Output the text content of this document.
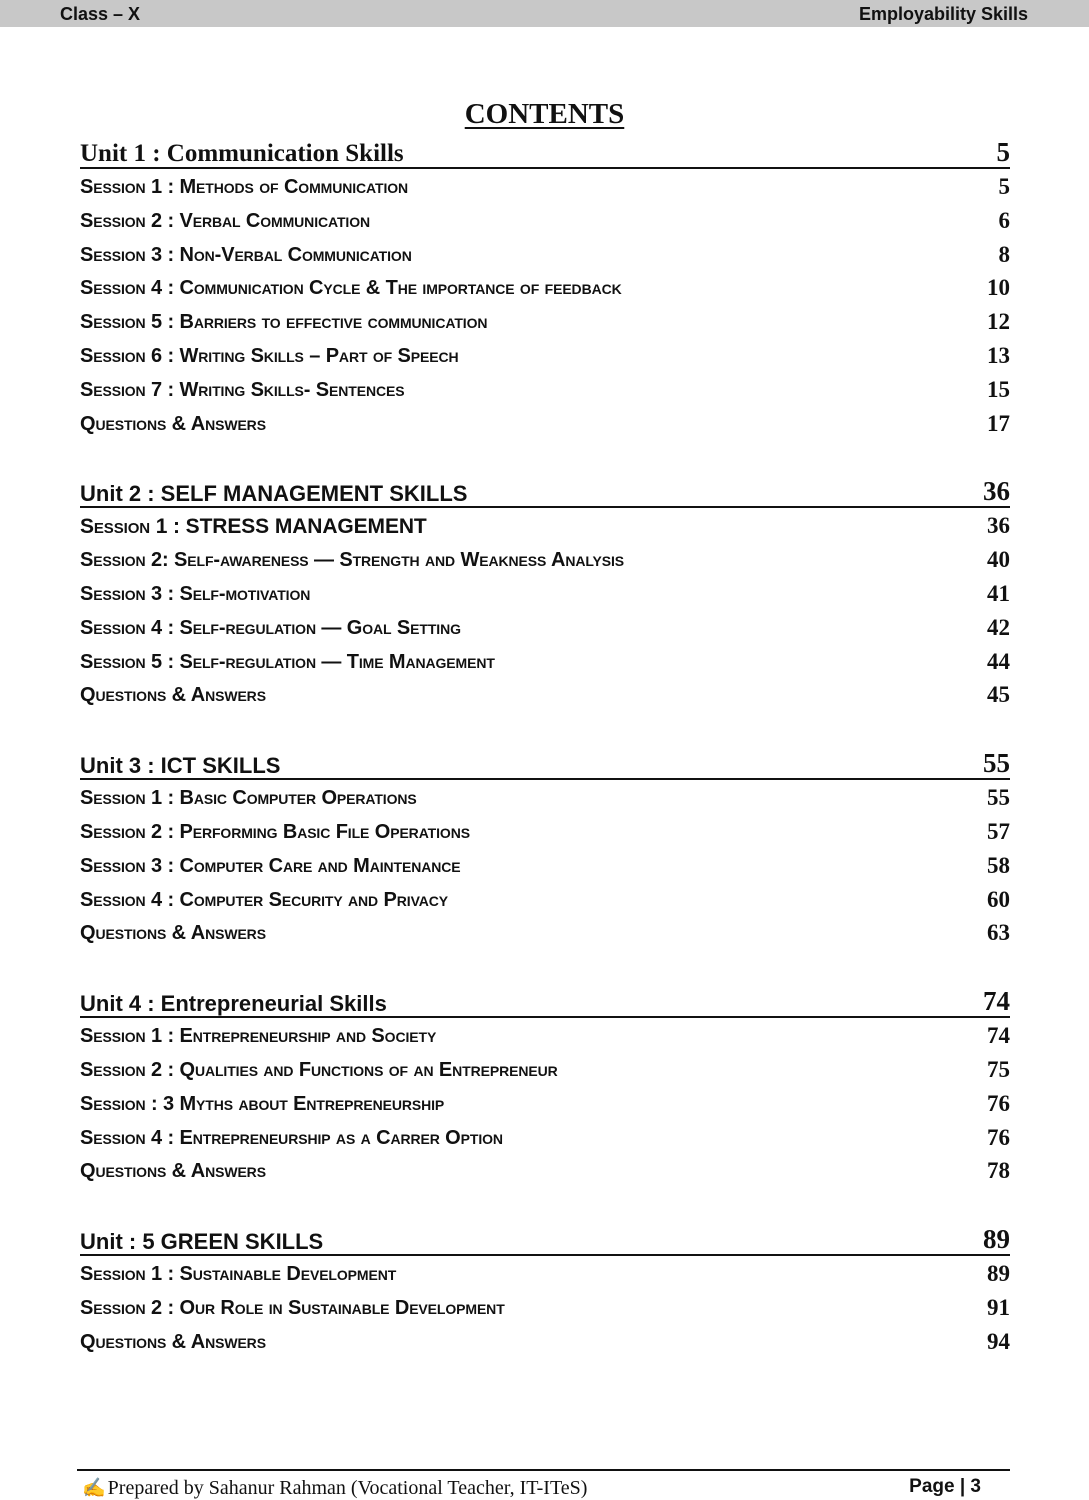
Class – X	Employability Skills
CONTENTS
Unit 1 : Communication Skills	5
Session 1 : Methods of Communication	5
Session 2 : Verbal Communication	6
Session 3 : Non-Verbal Communication	8
Session 4 : Communication Cycle & The importance of feedback	10
Session 5 : Barriers to effective communication	12
Session 6 : Writing Skills – Part of Speech	13
Session 7 : Writing Skills- Sentences	15
Questions & Answers	17
Unit 2 : SELF MANAGEMENT SKILLS	36
Session 1 : STRESS MANAGEMENT	36
Session 2: Self-awareness — Strength and Weakness Analysis	40
Session 3 : Self-motivation	41
Session 4 : Self-regulation — Goal Setting	42
Session 5 : Self-regulation — Time Management	44
Questions & Answers	45
Unit 3 : ICT SKILLS	55
Session 1 : Basic Computer Operations	55
Session 2 : Performing Basic File Operations	57
Session 3 : Computer Care and Maintenance	58
Session 4 : Computer Security and Privacy	60
Questions & Answers	63
Unit 4 : Entrepreneurial Skills	74
Session 1 : Entrepreneurship and Society	74
Session 2 : Qualities and Functions of an Entrepreneur	75
Session : 3 Myths about Entrepreneurship	76
Session 4 : Entrepreneurship as a Carrer Option	76
Questions & Answers	78
Unit : 5 GREEN SKILLS	89
Session 1 : Sustainable Development	89
Session 2 : Our Role in Sustainable Development	91
Questions & Answers	94
✍ Prepared by Sahanur Rahman (Vocational Teacher, IT-ITeS)	Page | 3
